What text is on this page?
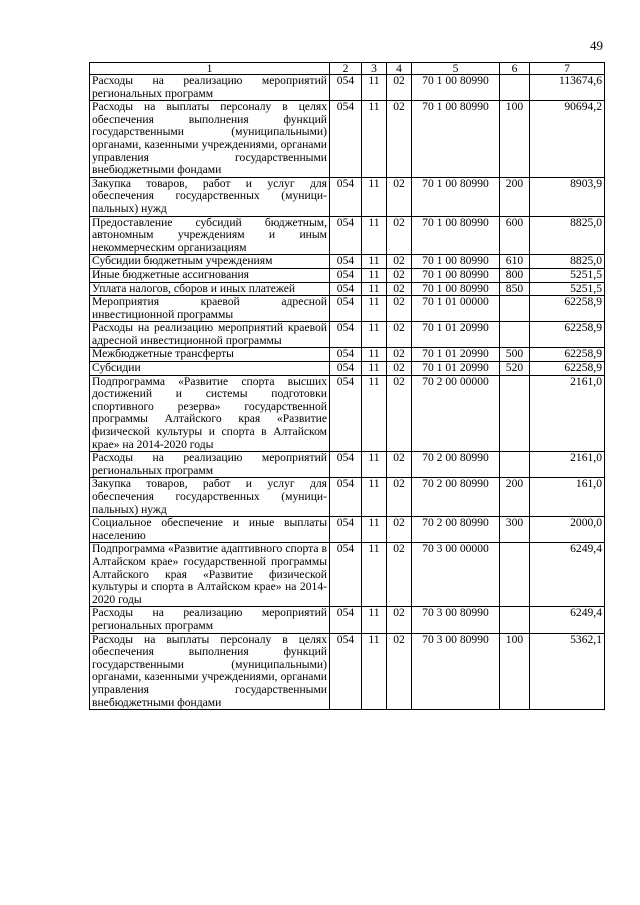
49
1	2	3	4	5	6	7
Расходы на реализацию мероприятий региональных программ	054	11	02	70 1 00 80990		113674,6
Расходы на выплаты персоналу в целях обеспечения выполнения функций государственными (муниципальными) органами, казенными учреждениями, органами управления государственными внебюджетными фондами	054	11	02	70 1 00 80990	100	90694,2
Закупка товаров, работ и услуг для обеспечения государственных (муниципальных) нужд	054	11	02	70 1 00 80990	200	8903,9
Предоставление субсидий бюджетным, автономным учреждениям и иным некоммерческим организациям	054	11	02	70 1 00 80990	600	8825,0
Субсидии бюджетным учреждениям	054	11	02	70 1 00 80990	610	8825,0
Иные бюджетные ассигнования	054	11	02	70 1 00 80990	800	5251,5
Уплата налогов, сборов и иных платежей	054	11	02	70 1 00 80990	850	5251,5
Мероприятия краевой адресной инвестиционной программы	054	11	02	70 1 01 00000		62258,9
Расходы на реализацию мероприятий краевой адресной инвестиционной программы	054	11	02	70 1 01 20990		62258,9
Межбюджетные трансферты	054	11	02	70 1 01 20990	500	62258,9
Субсидии	054	11	02	70 1 01 20990	520	62258,9
Подпрограмма «Развитие спорта высших достижений и системы подготовки спортивного резерва» государственной программы Алтайского края «Развитие физической культуры и спорта в Алтайском крае» на 2014-2020 годы	054	11	02	70 2 00 00000		2161,0
Расходы на реализацию мероприятий региональных программ	054	11	02	70 2 00 80990		2161,0
Закупка товаров, работ и услуг для обеспечения государственных (муниципальных) нужд	054	11	02	70 2 00 80990	200	161,0
Социальное обеспечение и иные выплаты населению	054	11	02	70 2 00 80990	300	2000,0
Подпрограмма «Развитие адаптивного спорта в Алтайском крае» государственной программы Алтайского края «Развитие физической культуры и спорта в Алтайском крае» на 2014-2020 годы	054	11	02	70 3 00 00000		6249,4
Расходы на реализацию мероприятий региональных программ	054	11	02	70 3 00 80990		6249,4
Расходы на выплаты персоналу в целях обеспечения выполнения функций государственными (муниципальными) органами, казенными учреждениями, органами управления государственными внебюджетными фондами	054	11	02	70 3 00 80990	100	5362,1
